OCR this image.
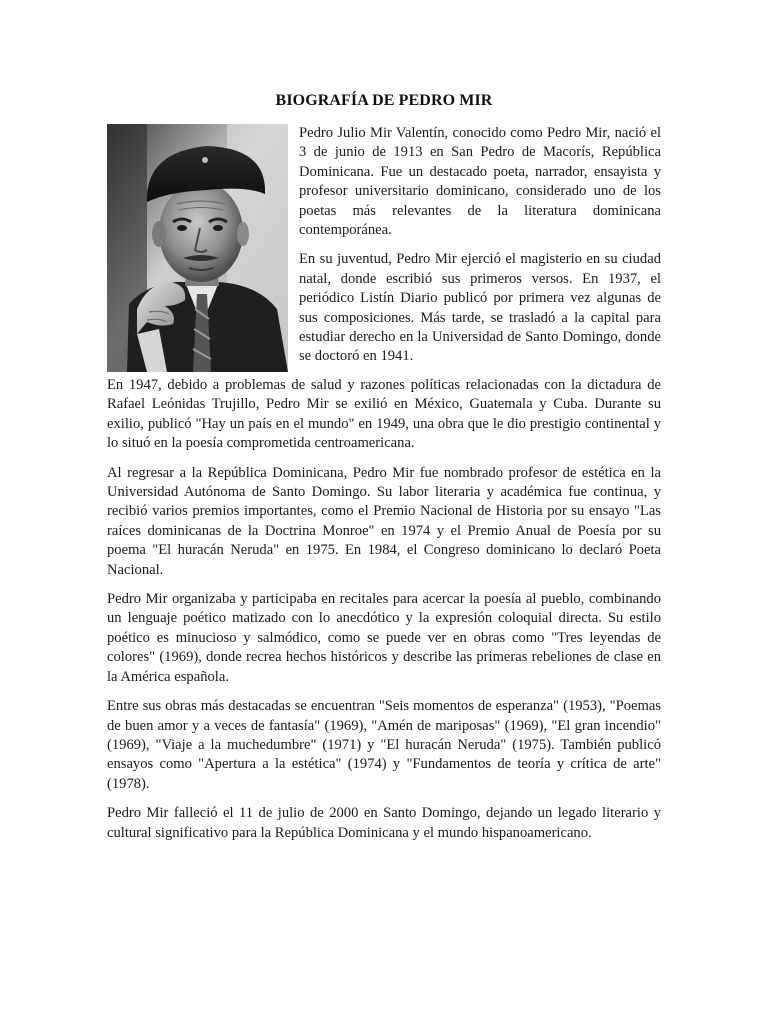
BIOGRAFÍA DE PEDRO MIR

Pedro Julio Mir Valentín, conocido como Pedro Mir, nació el 3 de junio de 1913 en San Pedro de Macorís, República Dominicana. Fue un destacado poeta, narrador, ensayista y profesor universitario dominicano, considerado uno de los poetas más relevantes de la literatura dominicana contemporánea.

En su juventud, Pedro Mir ejerció el magisterio en su ciudad natal, donde escribió sus primeros versos. En 1937, el periódico Listín Diario publicó por primera vez algunas de sus composiciones. Más tarde, se trasladó a la capital para estudiar derecho en la Universidad de Santo Domingo, donde se doctoró en 1941.

En 1947, debido a problemas de salud y razones políticas relacionadas con la dictadura de Rafael Leónidas Trujillo, Pedro Mir se exilió en México, Guatemala y Cuba. Durante su exilio, publicó "Hay un país en el mundo" en 1949, una obra que le dio prestigio continental y lo situó en la poesía comprometida centroamericana.

Al regresar a la República Dominicana, Pedro Mir fue nombrado profesor de estética en la Universidad Autónoma de Santo Domingo. Su labor literaria y académica fue continua, y recibió varios premios importantes, como el Premio Nacional de Historia por su ensayo "Las raíces dominicanas de la Doctrina Monroe" en 1974 y el Premio Anual de Poesía por su poema "El huracán Neruda" en 1975. En 1984, el Congreso dominicano lo declaró Poeta Nacional.

Pedro Mir organizaba y participaba en recitales para acercar la poesía al pueblo, combinando un lenguaje poético matizado con lo anecdótico y la expresión coloquial directa. Su estilo poético es minucioso y salmódico, como se puede ver en obras como "Tres leyendas de colores" (1969), donde recrea hechos históricos y describe las primeras rebeliones de clase en la América española.

Entre sus obras más destacadas se encuentran "Seis momentos de esperanza" (1953), "Poemas de buen amor y a veces de fantasía" (1969), "Amén de mariposas" (1969), "El gran incendio" (1969), "Viaje a la muchedumbre" (1971) y "El huracán Neruda" (1975). También publicó ensayos como "Apertura a la estética" (1974) y "Fundamentos de teoría y crítica de arte" (1978).

Pedro Mir falleció el 11 de julio de 2000 en Santo Domingo, dejando un legado literario y cultural significativo para la República Dominicana y el mundo hispanoamericano.
